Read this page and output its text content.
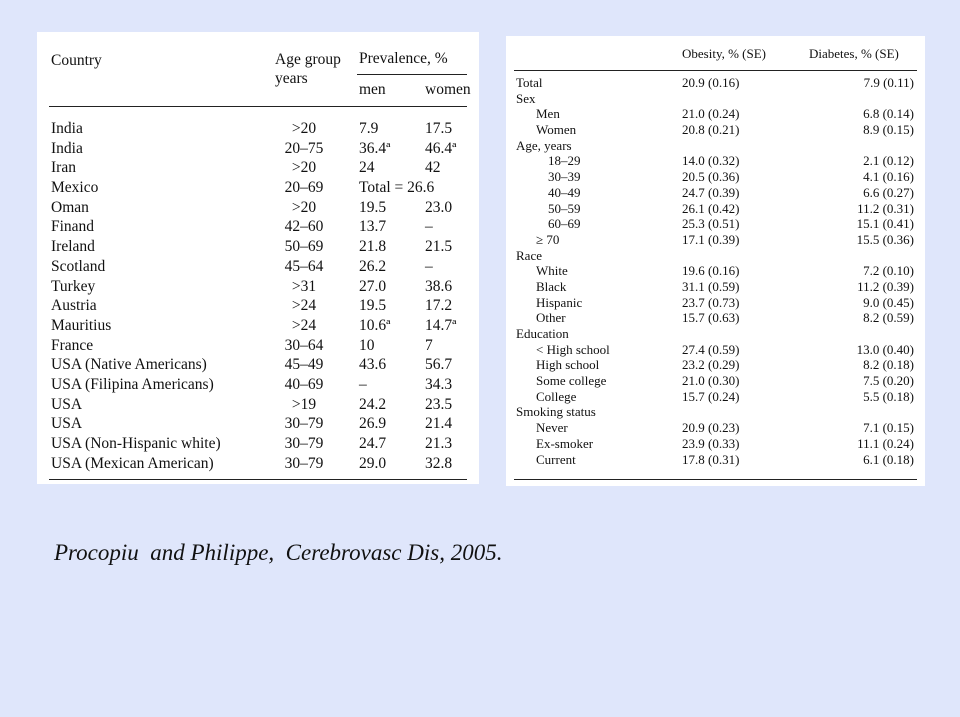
Country	Age group
years
Prevalence, %
men	women
India	>20	7.9	17.5
India	20–75	36.4ª 46.4ª
Iran	>20	24	42
Mexico	20–69	Total = 26.6
Oman	>20	19.5	23.0
Finand	42–60	13.7	–
Ireland	50–69	21.8	21.5
Scotland	45–64	26.2	–
Turkey	>31	27.0	38.6
Austria	>24	19.5	17.2
Mauritius	>24	10.6ª 14.7ª
France	30–64	10	7
USA (Native Americans)	45–49	43.6	56.7
USA (Filipina Americans)	40–69	–	34.3
USA	>19	24.2	23.5
USA	30–79	26.9	21.4
USA (Non-Hispanic white)	30–79	24.7	21.3
USA (Mexican American)	30–79	29.0	32.8
Obesity, % (SE)	Diabetes, % (SE)
Total	20.9 (0.16)	7.9 (0.11)
Sex
Men	21.0 (0.24)	6.8 (0.14)
Women	20.8 (0.21)	8.9 (0.15)
Age, years
18–29	14.0 (0.32)	2.1 (0.12)
30–39	20.5 (0.36)	4.1 (0.16)
40–49	24.7 (0.39)	6.6 (0.27)
50–59	26.1 (0.42)	11.2 (0.31)
60–69	25.3 (0.51)	15.1 (0.41)
≥ 70	17.1 (0.39)	15.5 (0.36)
Race
White	19.6 (0.16)	7.2 (0.10)
Black	31.1 (0.59)	11.2 (0.39)
Hispanic	23.7 (0.73)	9.0 (0.45)
Other	15.7 (0.63)	8.2 (0.59)
Education
< High school	27.4 (0.59)	13.0 (0.40)
High school	23.2 (0.29)	8.2 (0.18)
Some college	21.0 (0.30)	7.5 (0.20)
College	15.7 (0.24)	5.5 (0.18)
Smoking status
Never	20.9 (0.23)	7.1 (0.15)
Ex-smoker	23.9 (0.33)	11.1 (0.24)
Current	17.8 (0.31)	6.1 (0.18)
Procopiu  and Philippe,  Cerebrovasc Dis, 2005.
